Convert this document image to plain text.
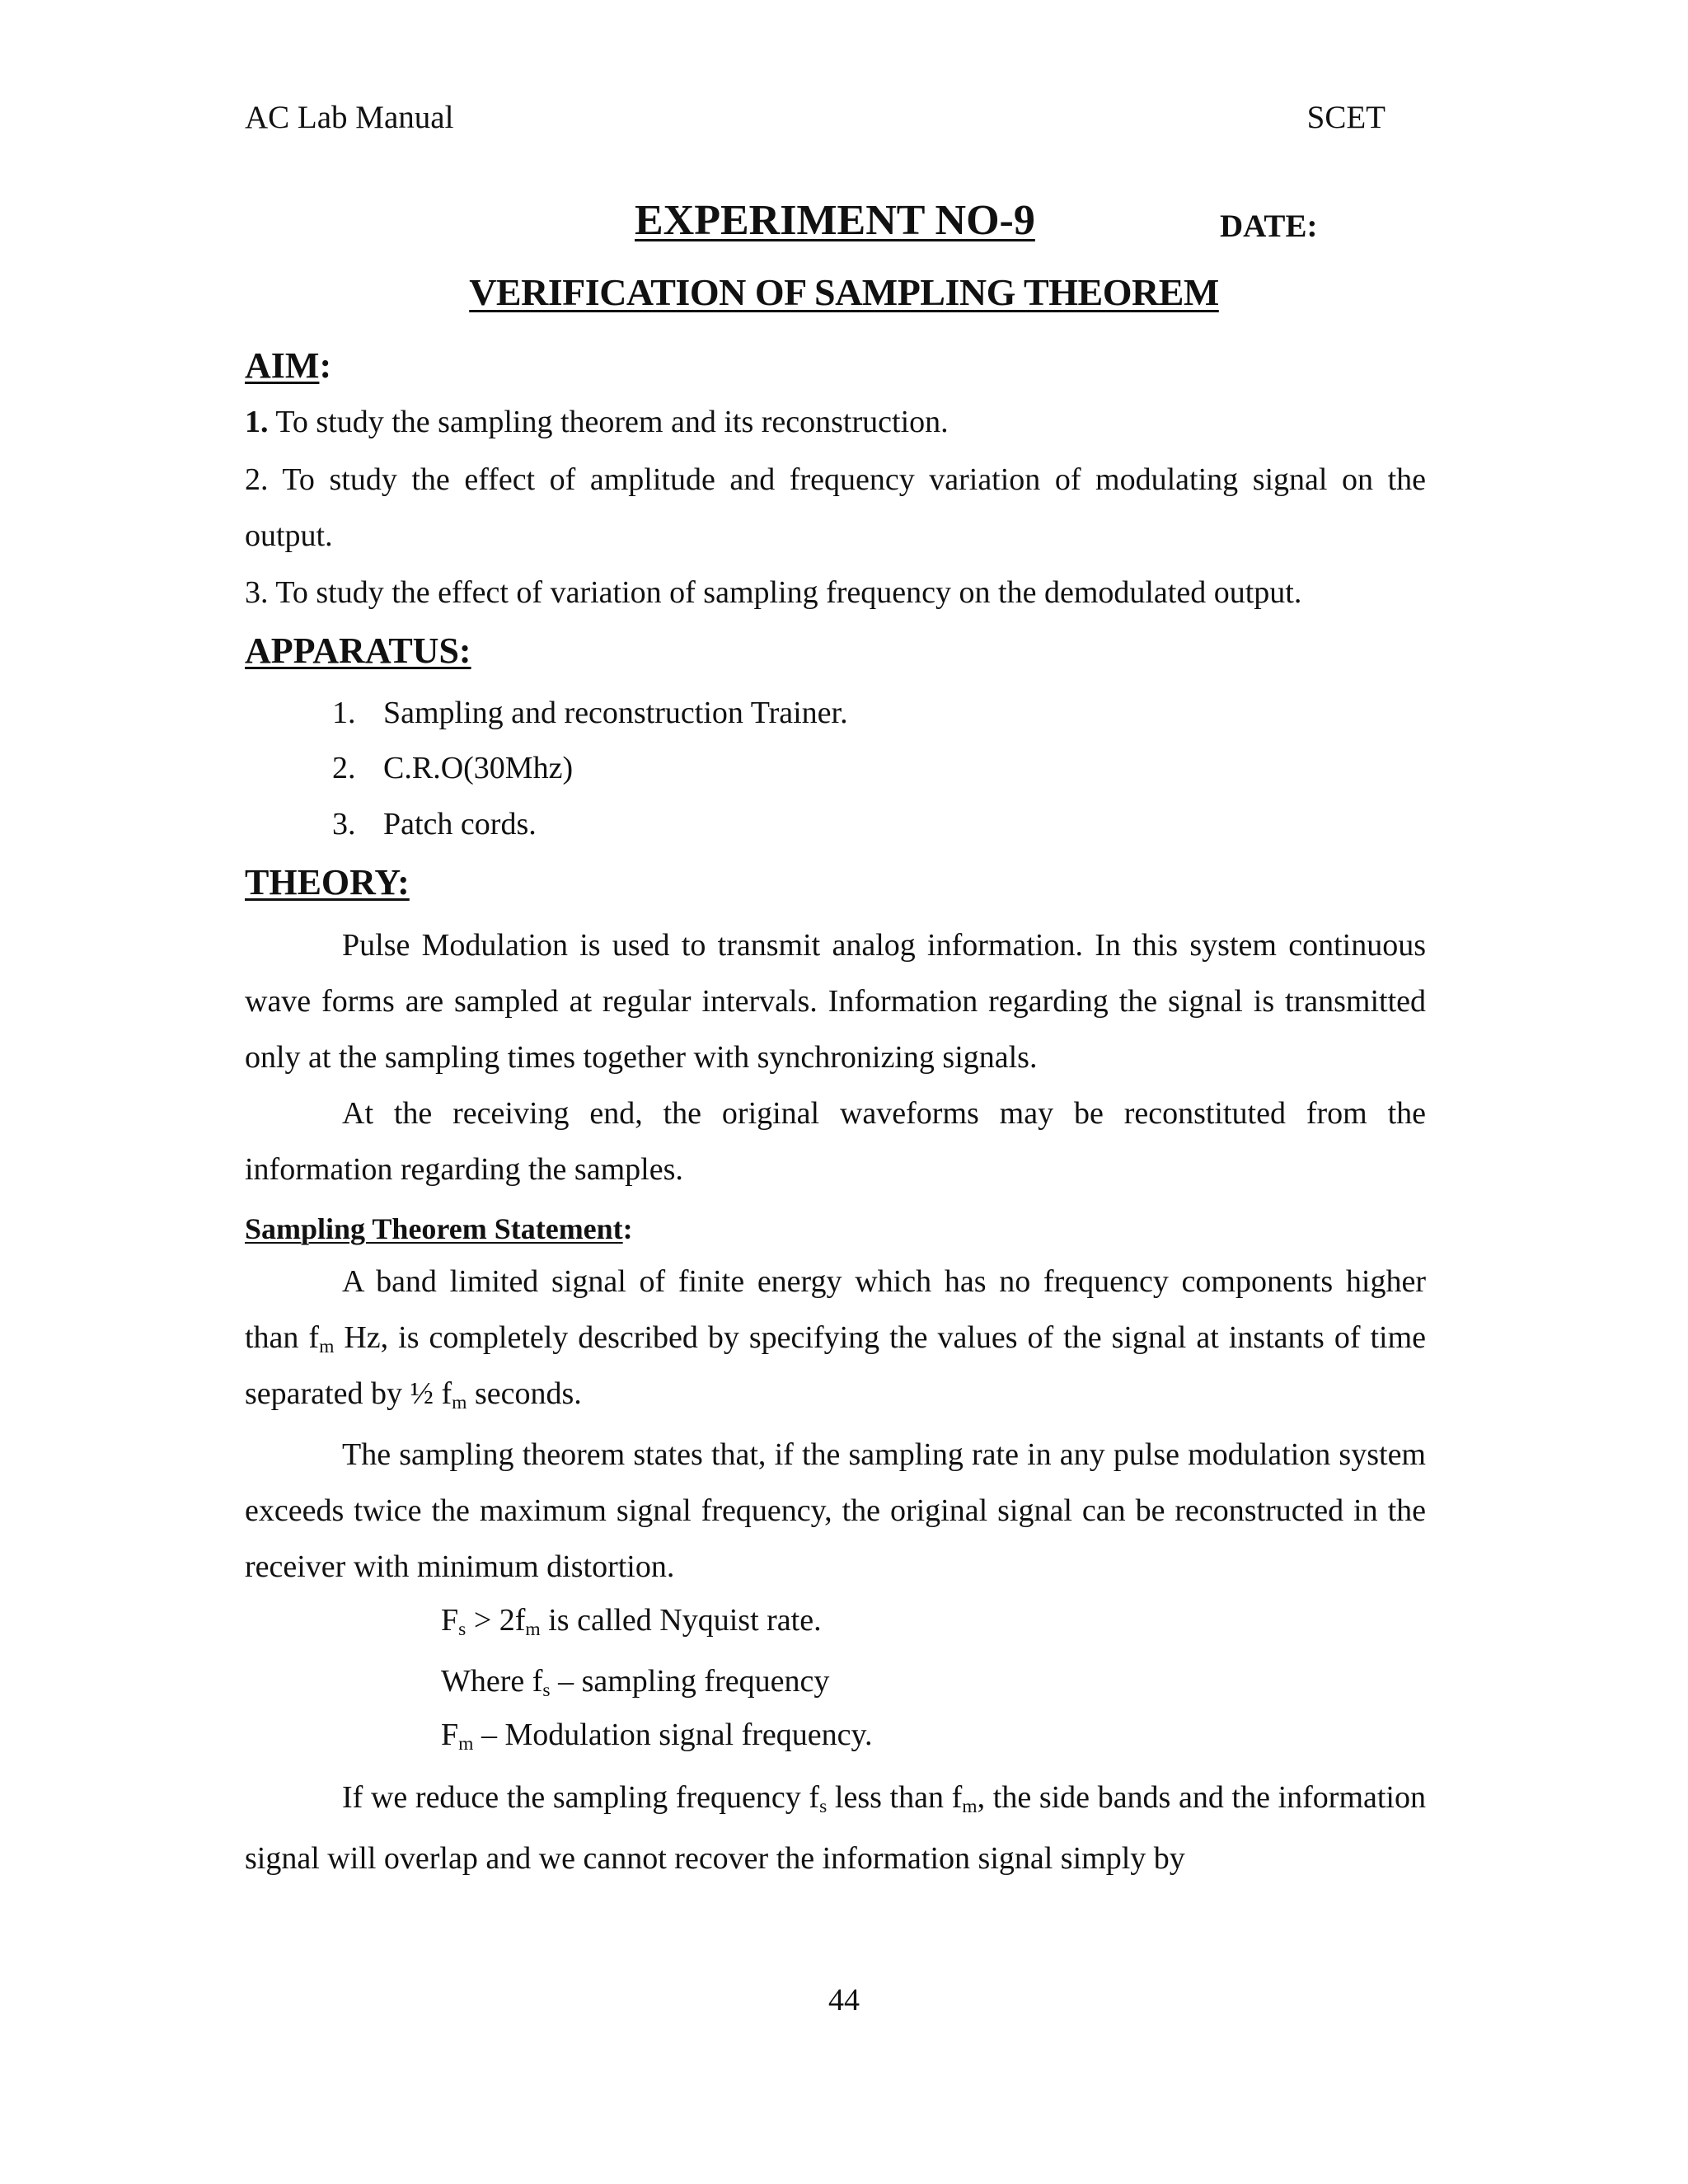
AC Lab Manual	SCET
EXPERIMENT NO-9	DATE:
VERIFICATION OF SAMPLING THEOREM
AIM:
1. To study the sampling theorem and its reconstruction.
2. To study the effect of amplitude and frequency variation of modulating signal on the output.
3. To study the effect of variation of sampling frequency on the demodulated output.
APPARATUS:
1. Sampling and reconstruction Trainer.
2. C.R.O(30Mhz)
3. Patch cords.
THEORY:
Pulse Modulation is used to transmit analog information. In this system continuous wave forms are sampled at regular intervals. Information regarding the signal is transmitted only at the sampling times together with synchronizing signals.
At the receiving end, the original waveforms may be reconstituted from the information regarding the samples.
Sampling Theorem Statement:
A band limited signal of finite energy which has no frequency components higher than $f_m$ Hz, is completely described by specifying the values of the signal at instants of time separated by ½ $f_m$ seconds.
The sampling theorem states that, if the sampling rate in any pulse modulation system exceeds twice the maximum signal frequency, the original signal can be reconstructed in the receiver with minimum distortion.
$F_s > 2f_m$ is called Nyquist rate.
Where $f_s$ – sampling frequency
$F_m$ – Modulation signal frequency.
If we reduce the sampling frequency $f_s$ less than $f_m$, the side bands and the information signal will overlap and we cannot recover the information signal simply by
44
